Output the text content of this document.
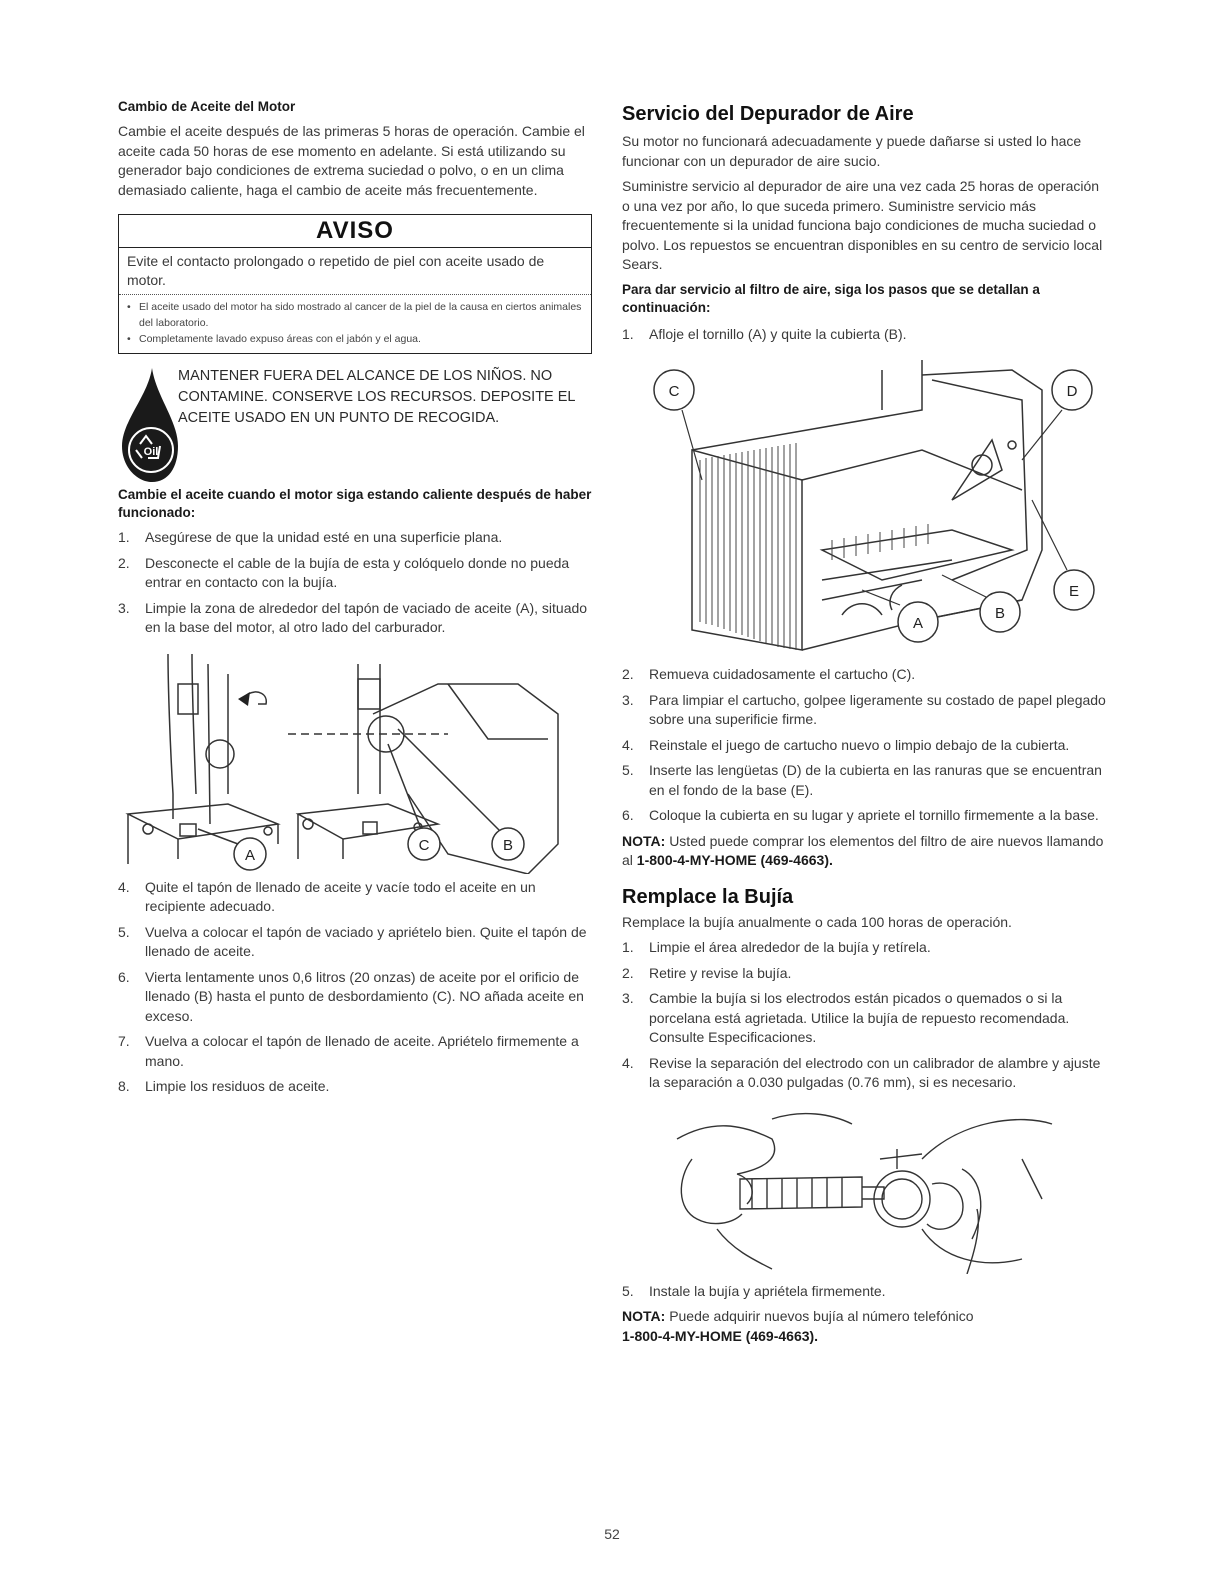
Cambio de Aceite del Motor

Cambie el aceite después de las primeras 5 horas de operación. Cambie el aceite cada 50 horas de ese momento en adelante. Si está utilizando su generador bajo condiciones de extrema suciedad o polvo, o en un clima demasiado caliente, haga el cambio de aceite más frecuentemente.

AVISO
Evite el contacto prolongado o repetido de piel con aceite usado de motor.
• El aceite usado del motor ha sido mostrado al cancer de la piel de la causa en ciertos animales del laboratorio.
• Completamente lavado expuso áreas con el jabón y el agua.
Oil

MANTENER FUERA DEL ALCANCE DE LOS NIÑOS. NO CONTAMINE. CONSERVE LOS RECURSOS. DEPOSITE EL ACEITE USADO EN UN PUNTO DE RECOGIDA.

Cambie el aceite cuando el motor siga estando caliente después de haber funcionado:

1. Asegúrese de que la unidad esté en una superficie plana.
2. Desconecte el cable de la bujía de esta y colóquelo donde no pueda entrar en contacto con la bujía.
3. Limpie la zona de alrededor del tapón de vaciado de aceite (A), situado en la base del motor, al otro lado del carburador.
A
C	B
4. Quite el tapón de llenado de aceite y vacíe todo el aceite en un recipiente adecuado.
5. Vuelva a colocar el tapón de vaciado y apriételo bien. Quite el tapón de llenado de aceite.
6. Vierta lentamente unos 0,6 litros (20 onzas) de aceite por el orificio de llenado (B) hasta el punto de desbordamiento (C). NO añada aceite en exceso.
7. Vuelva a colocar el tapón de llenado de aceite. Apriételo firmemente a mano.
8. Limpie los residuos de aceite.
Servicio del Depurador de Aire

Su motor no funcionará adecuadamente y puede dañarse si usted lo hace funcionar con un depurador de aire sucio.

Suministre servicio al depurador de aire una vez cada 25 horas de operación o una vez por año, lo que suceda primero. Suministre servicio más frecuentemente si la unidad funciona bajo condiciones de mucha suciedad o polvo. Los repuestos se encuentran disponibles en su centro de servicio local Sears.

Para dar servicio al filtro de aire, siga los pasos que se detallan a continuación:

1. Afloje el tornillo (A) y quite la cubierta (B).
C	D
E
A
B
2. Remueva cuidadosamente el cartucho (C).
3. Para limpiar el cartucho, golpee ligeramente su costado de papel plegado sobre una superificie firme.
4. Reinstale el juego de cartucho nuevo o limpio debajo de la cubierta.
5. Inserte las lengüetas (D) de la cubierta en las ranuras que se encuentran en el fondo de la base (E).
6. Coloque la cubierta en su lugar y apriete el tornillo firmemente a la base.

NOTA: Usted puede comprar los elementos del filtro de aire nuevos llamando al 1-800-4-MY-HOME (469-4663).

Remplace la Bujía

Remplace la bujía anualmente o cada 100 horas de operación.

1. Limpie el área alrededor de la bujía y retírela.
2. Retire y revise la bujía.
3. Cambie la bujía si los electrodos están picados o quemados o si la porcelana está agrietada. Utilice la bujía de repuesto recomendada. Consulte Especificaciones.
4. Revise la separación del electrodo con un calibrador de alambre y ajuste la separación a 0.030 pulgadas (0.76 mm), si es necesario.
5. Instale la bujía y apriétela firmemente.

NOTA: Puede adquirir nuevos bujía al número telefónico
1-800-4-MY-HOME (469-4663).

52
